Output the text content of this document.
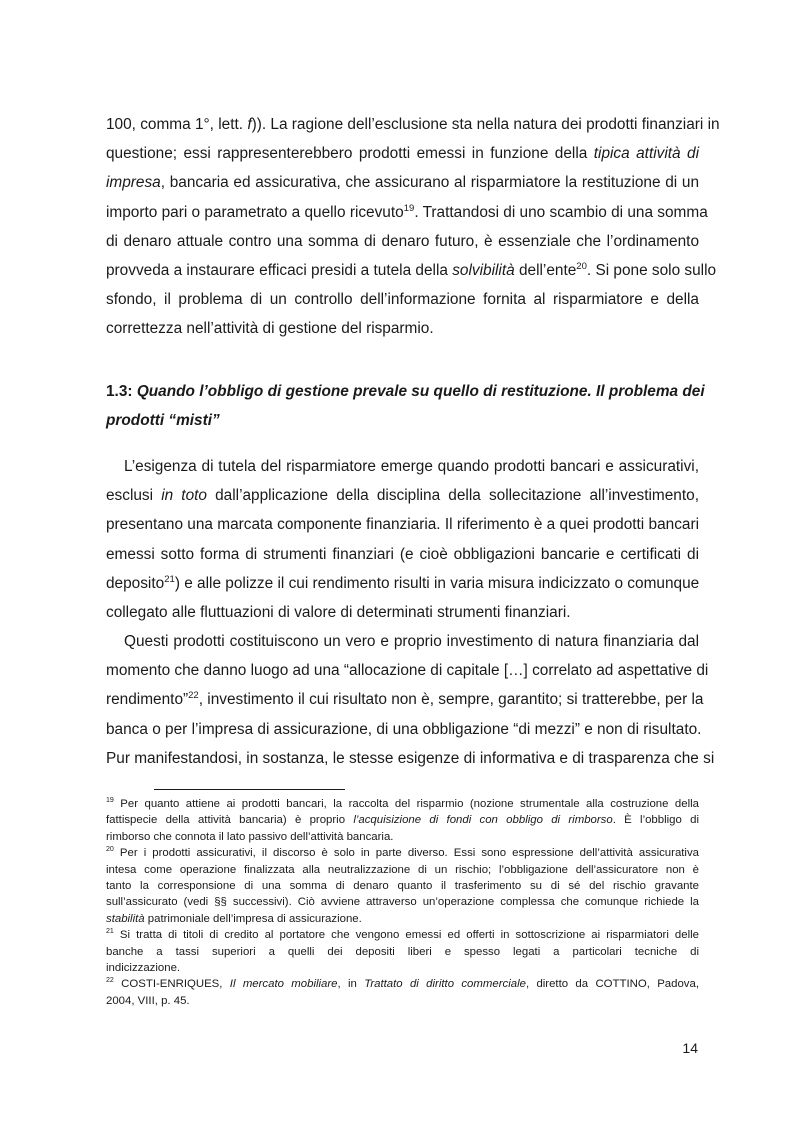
100, comma 1°, lett. f)). La ragione dell’esclusione sta nella natura dei prodotti finanziari in
questione; essi rappresenterebbero prodotti emessi in funzione della tipica attività di
impresa, bancaria ed assicurativa, che assicurano al risparmiatore la restituzione di un
importo pari o parametrato a quello ricevuto$^{19}$. Trattandosi di uno scambio di una somma
di denaro attuale contro una somma di denaro futuro, è essenziale che l’ordinamento
provveda a instaurare efficaci presidi a tutela della solvibilità dell’ente$^{20}$. Si pone solo sullo
sfondo, il problema di un controllo dell’informazione fornita al risparmiatore e della
correttezza nell’attività di gestione del risparmio.
1.3: Quando l’obbligo di gestione prevale su quello di restituzione. Il problema dei
prodotti “misti”
L’esigenza di tutela del risparmiatore emerge quando prodotti bancari e assicurativi,
esclusi in toto dall’applicazione della disciplina della sollecitazione all’investimento,
presentano una marcata componente finanziaria. Il riferimento è a quei prodotti bancari
emessi sotto forma di strumenti finanziari (e cioè obbligazioni bancarie e certificati di
deposito$^{21}$) e alle polizze il cui rendimento risulti in varia misura indicizzato o comunque
collegato alle fluttuazioni di valore di determinati strumenti finanziari.
Questi prodotti costituiscono un vero e proprio investimento di natura finanziaria dal
momento che danno luogo ad una “allocazione di capitale […] correlato ad aspettative di
rendimento”$^{22}$, investimento il cui risultato non è, sempre, garantito; si tratterebbe, per la
banca o per l’impresa di assicurazione, di una obbligazione “di mezzi” e non di risultato.
Pur manifestandosi, in sostanza, le stesse esigenze di informativa e di trasparenza che si
$^{19}$ Per quanto attiene ai prodotti bancari, la raccolta del risparmio (nozione strumentale alla costruzione della
fattispecie della attività bancaria) è proprio l’acquisizione di fondi con obbligo di rimborso. È l’obbligo di
rimborso che connota il lato passivo dell’attività bancaria.
$^{20}$ Per i prodotti assicurativi, il discorso è solo in parte diverso. Essi sono espressione dell’attività assicurativa
intesa come operazione finalizzata alla neutralizzazione di un rischio; l’obbligazione dell’assicuratore non è
tanto la corresponsione di una somma di denaro quanto il trasferimento su di sé del rischio gravante
sull’assicurato (vedi §§ successivi). Ciò avviene attraverso un’operazione complessa che comunque richiede la
stabilità patrimoniale dell’impresa di assicurazione.
$^{21}$ Si tratta di titoli di credito al portatore che vengono emessi ed offerti in sottoscrizione ai risparmiatori delle
banche a tassi superiori a quelli dei depositi liberi e spesso legati a particolari tecniche di
indicizzazione.
$^{22}$ COSTI-ENRIQUES, Il mercato mobiliare, in Trattato di diritto commerciale, diretto da COTTINO, Padova,
2004, VIII, p. 45.
14
